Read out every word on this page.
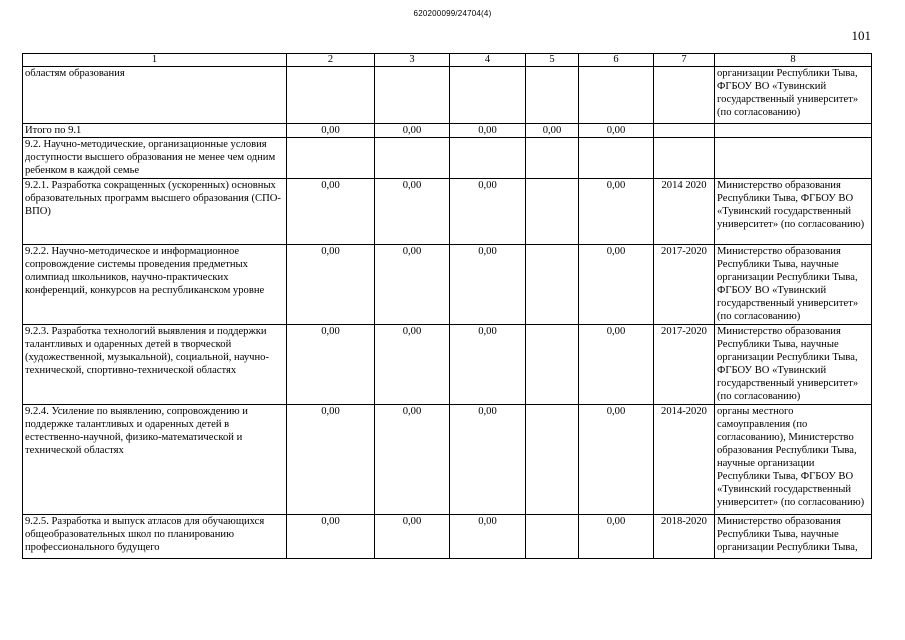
620200099/24704(4)
101
1	2	3	4	5	6	7	8
областям образования							организации Республики Тыва, ФГБОУ ВО «Тувинский государственный университет» (по согласованию)
Итого по 9.1	0,00	0,00	0,00	0,00	0,00		
9.2. Научно-методические, организационные условия доступности высшего образования не менее чем одним ребенком в каждой семье							
9.2.1. Разработка сокращенных (ускоренных) основных образовательных программ высшего образования (СПО-ВПО)	0,00	0,00	0,00		0,00	2014 2020	Министерство образования Республики Тыва, ФГБОУ ВО «Тувинский государственный университет» (по согласованию)
9.2.2. Научно-методическое и информационное сопровождение системы проведения предметных олимпиад школьников, научно-практических конференций, конкурсов на республиканском уровне	0,00	0,00	0,00		0,00	2017-2020	Министерство образования Республики Тыва, научные организации Республики Тыва, ФГБОУ ВО «Тувинский государственный университет» (по согласованию)
9.2.3. Разработка технологий выявления и поддержки талантливых и одаренных детей в творческой (художественной, музыкальной), социальной, научно-технической, спортивно-технической областях	0,00	0,00	0,00		0,00	2017-2020	Министерство образования Республики Тыва, научные организации Республики Тыва, ФГБОУ ВО «Тувинский государственный университет» (по согласованию)
9.2.4. Усиление по выявлению, сопровождению и поддержке талантливых и одаренных детей в естественно-научной, физико-математической и технической областях	0,00	0,00	0,00		0,00	2014-2020	органы местного самоуправления (по согласованию), Министерство образования Республики Тыва, научные организации Республики Тыва, ФГБОУ ВО «Тувинский государственный университет» (по согласованию)
9.2.5. Разработка и выпуск атласов для обучающихся общеобразовательных школ по планированию профессионального будущего	0,00	0,00	0,00		0,00	2018-2020	Министерство образования Республики Тыва, научные организации Республики Тыва,
